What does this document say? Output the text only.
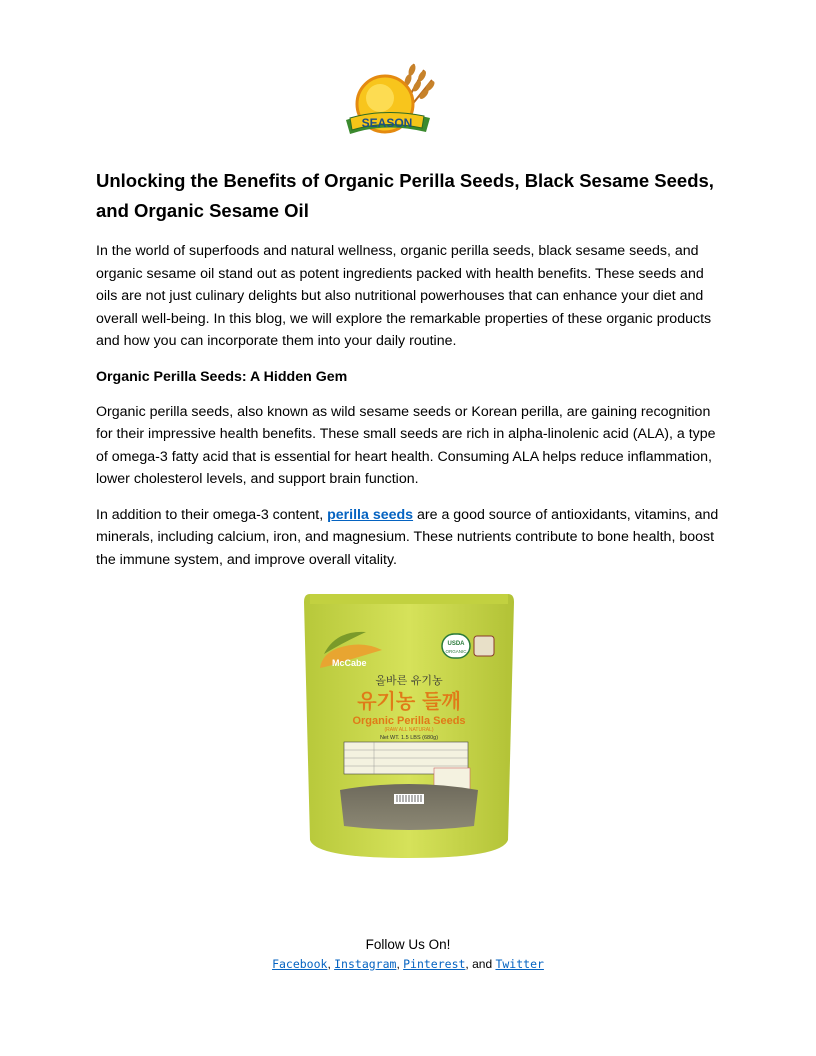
SEASON
Unlocking the Benefits of Organic Perilla Seeds, Black Sesame Seeds, and Organic Sesame Oil

In the world of superfoods and natural wellness, organic perilla seeds, black sesame seeds, and organic sesame oil stand out as potent ingredients packed with health benefits. These seeds and oils are not just culinary delights but also nutritional powerhouses that can enhance your diet and overall well-being. In this blog, we will explore the remarkable properties of these organic products and how you can incorporate them into your daily routine.

Organic Perilla Seeds: A Hidden Gem

Organic perilla seeds, also known as wild sesame seeds or Korean perilla, are gaining recognition for their impressive health benefits. These small seeds are rich in alpha-linolenic acid (ALA), a type of omega-3 fatty acid that is essential for heart health. Consuming ALA helps reduce inflammation, lower cholesterol levels, and support brain function.

In addition to their omega-3 content, perilla seeds are a good source of antioxidants, vitamins, and minerals, including calcium, iron, and magnesium. These nutrients contribute to bone health, boost the immune system, and improve overall vitality.

McCabe
USDA
ORGANIC
올바른 유기농
유기농 들깨
Organic Perilla Seeds
(RAW ALL NATURAL)
Net WT. 1.5 LBS (680g)
Follow Us On!
Facebook, Instagram, Pinterest, and Twitter
